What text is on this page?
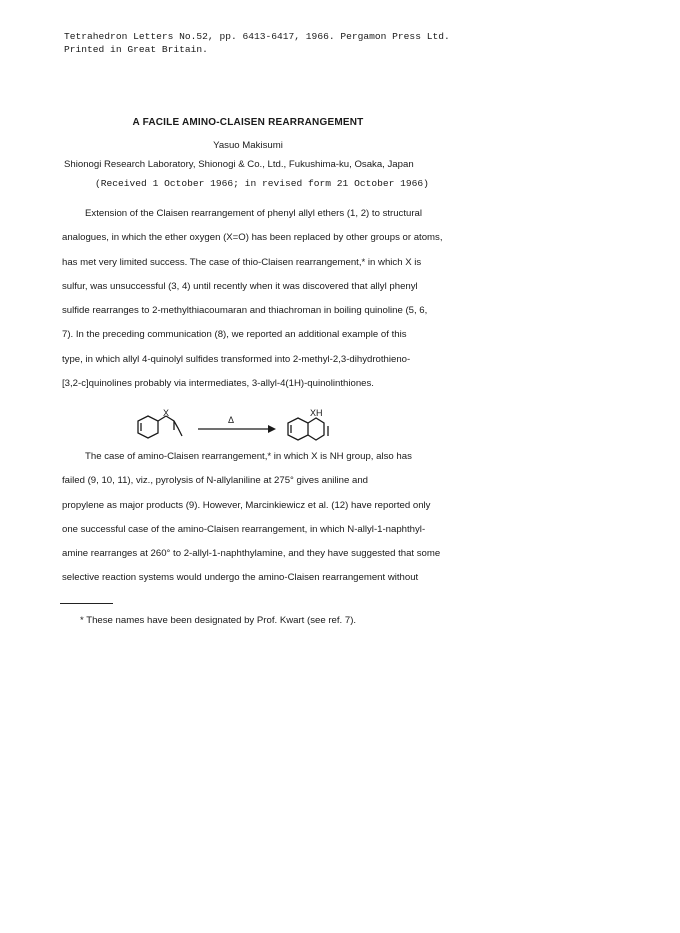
Tetrahedron Letters No.52, pp. 6413-6417, 1966. Pergamon Press Ltd.
Printed in Great Britain.
A FACILE AMINO-CLAISEN REARRANGEMENT
Yasuo Makisumi
Shionogi Research Laboratory, Shionogi & Co., Ltd., Fukushima-ku, Osaka, Japan
(Received 1 October 1966; in revised form 21 October 1966)
Extension of the Claisen rearrangement of phenyl allyl ethers (1, 2) to structural
analogues, in which the ether oxygen (X=O) has been replaced by other groups or atoms,
has met very limited success. The case of thio-Claisen rearrangement,* in which X is
sulfur, was unsuccessful (3, 4) until recently when it was discovered that allyl phenyl
sulfide rearranges to 2-methylthiacoumaran and thiachroman in boiling quinoline (5, 6,
7). In the preceding communication (8), we reported an additional example of this
type, in which allyl 4-quinolyl sulfides transformed into 2-methyl-2,3-dihydrothieno-
[3,2-c]quinolines probably via intermediates, 3-allyl-4(1H)-quinolinthiones.
X
Δ
XH
The case of amino-Claisen rearrangement,* in which X is NH group, also has
failed (9, 10, 11), viz., pyrolysis of N-allylaniline at 275° gives aniline and
propylene as major products (9). However, Marcinkiewicz et al. (12) have reported only
one successful case of the amino-Claisen rearrangement, in which N-allyl-1-naphthyl-
amine rearranges at 260° to 2-allyl-1-naphthylamine, and they have suggested that some
selective reaction systems would undergo the amino-Claisen rearrangement without
* These names have been designated by Prof. Kwart (see ref. 7).
